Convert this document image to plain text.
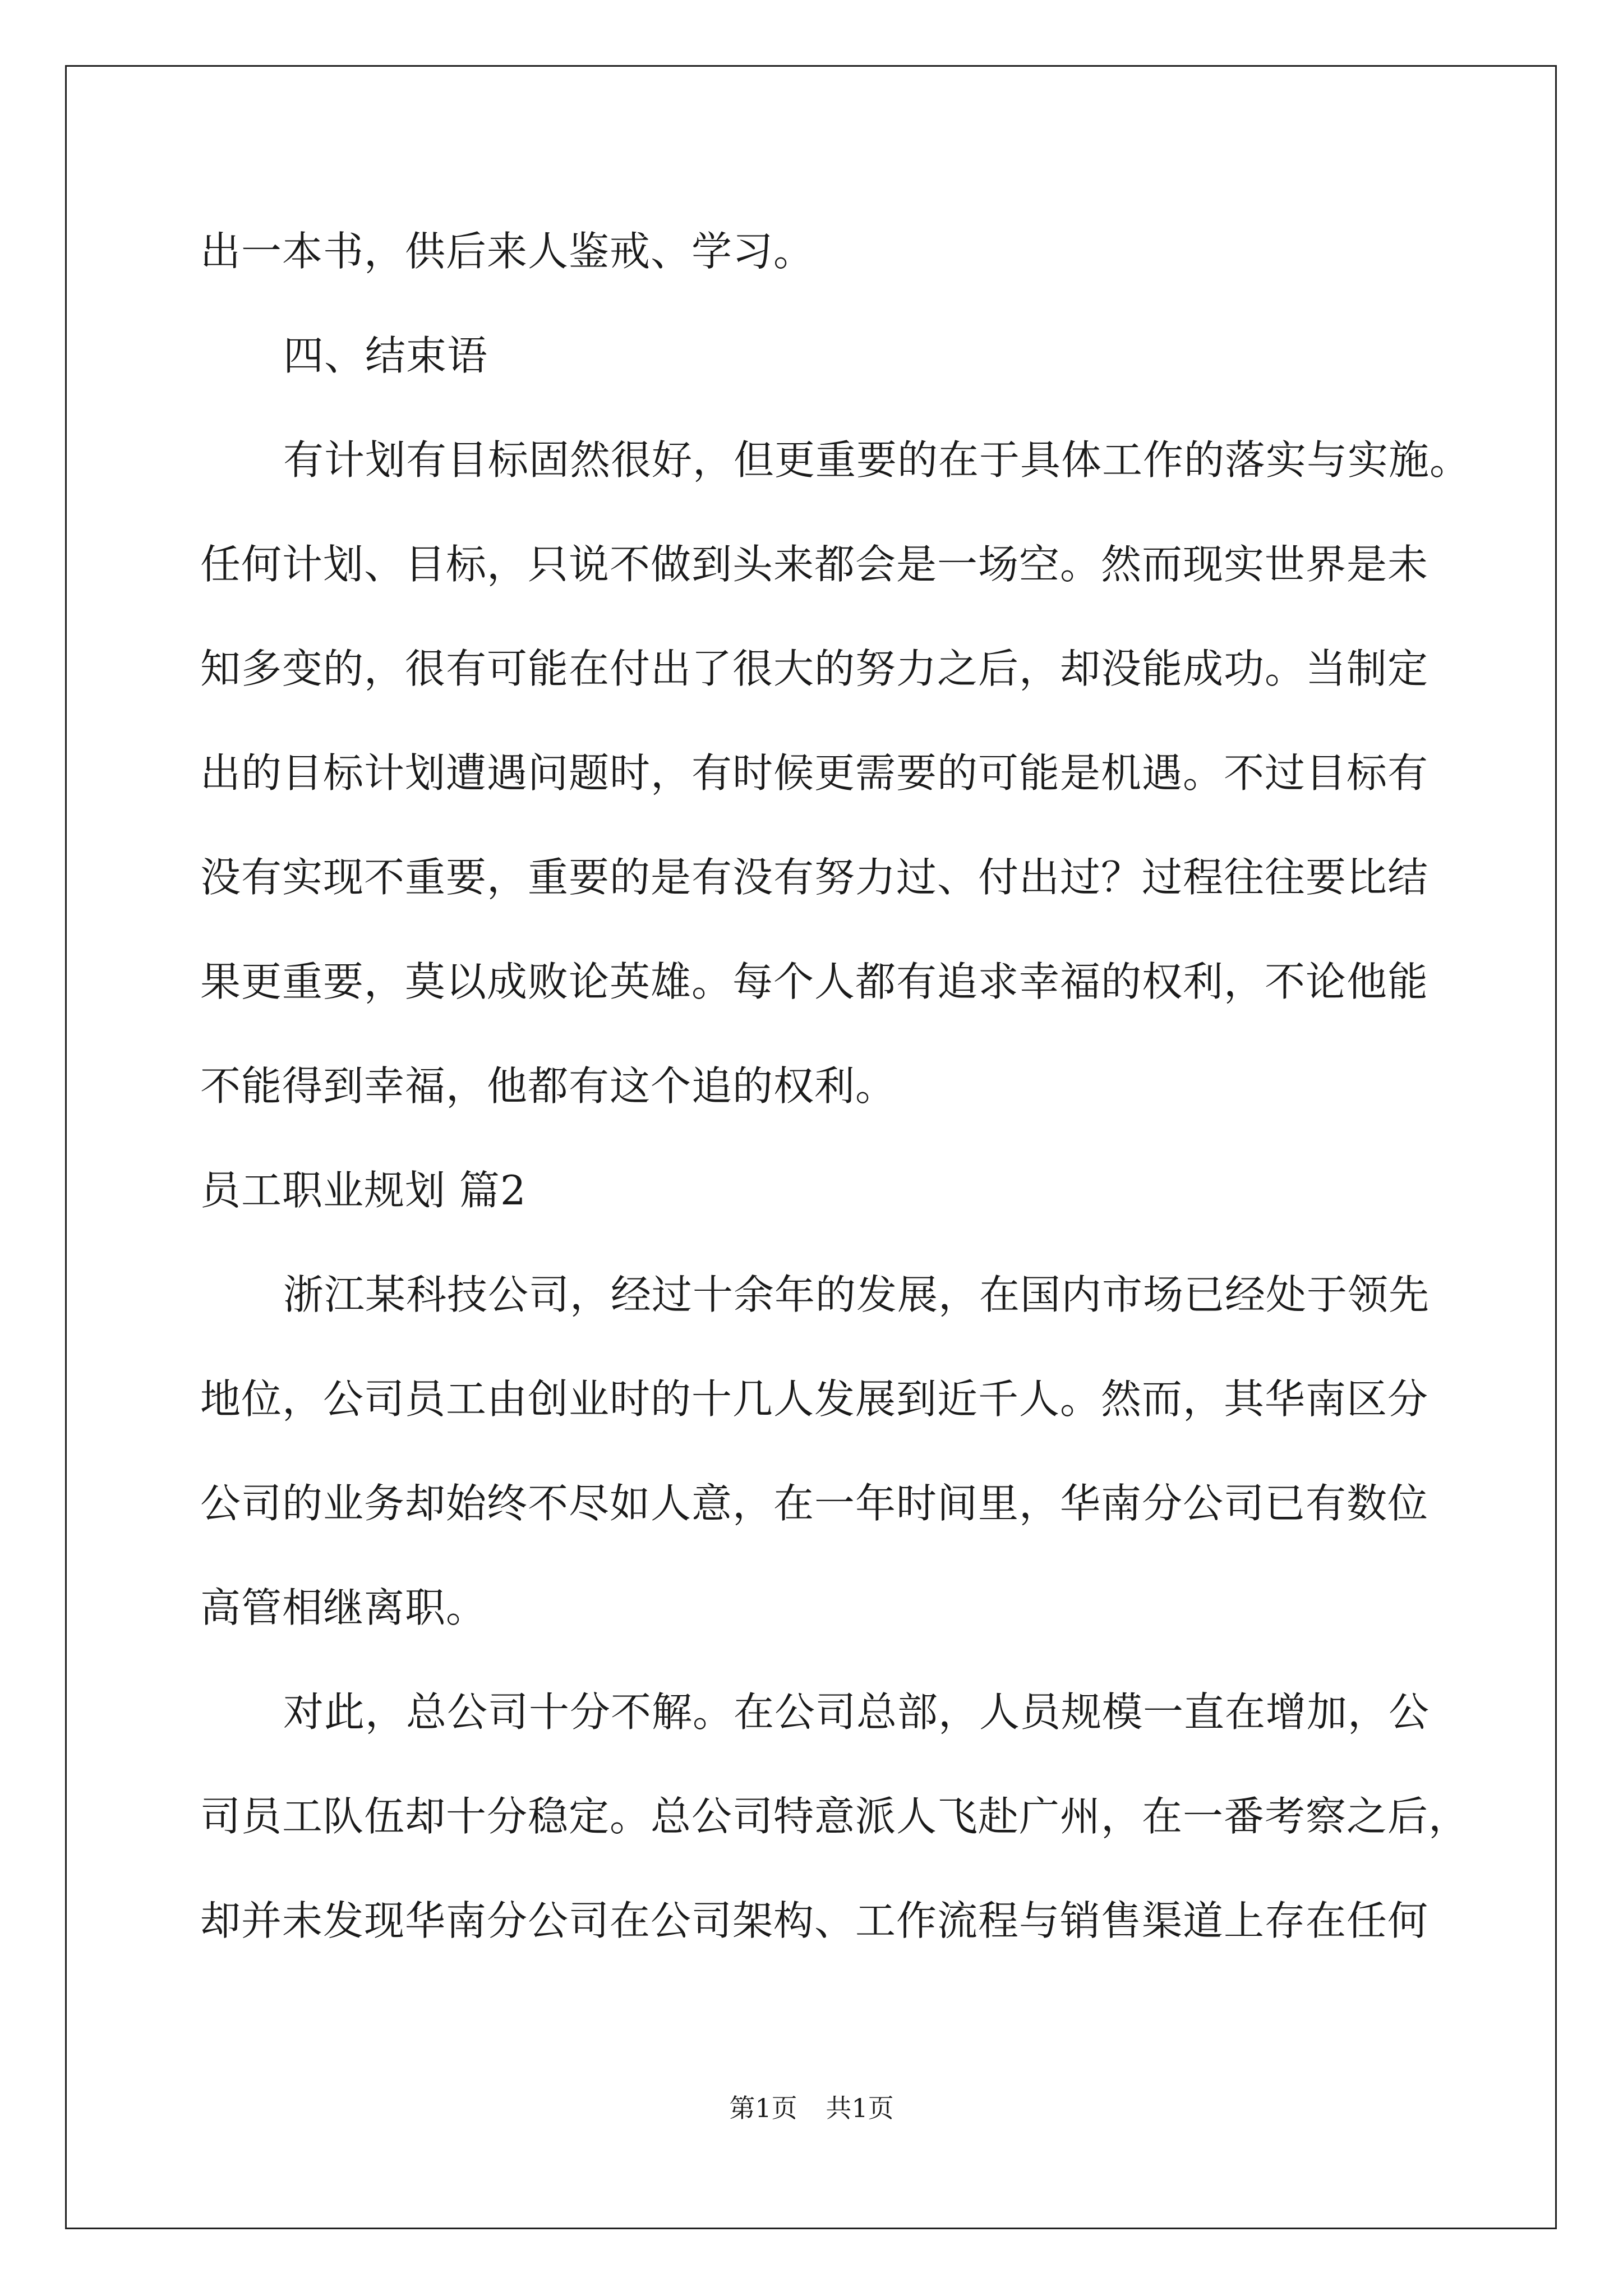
出一本书，供后来人鉴戒、学习。
四、结束语
有计划有目标固然很好，但更重要的在于具体工作的落实与实施。
任何计划、目标，只说不做到头来都会是一场空。然而现实世界是未
知多变的，很有可能在付出了很大的努力之后，却没能成功。当制定
出的目标计划遭遇问题时，有时候更需要的可能是机遇。不过目标有
没有实现不重要，重要的是有没有努力过、付出过？过程往往要比结
果更重要，莫以成败论英雄。每个人都有追求幸福的权利，不论他能
不能得到幸福，他都有这个追的权利。
员工职业规划 篇2
浙江某科技公司，经过十余年的发展，在国内市场已经处于领先
地位，公司员工由创业时的十几人发展到近千人。然而，其华南区分
公司的业务却始终不尽如人意，在一年时间里，华南分公司已有数位
高管相继离职。
对此，总公司十分不解。在公司总部，人员规模一直在增加，公
司员工队伍却十分稳定。总公司特意派人飞赴广州，在一番考察之后，
却并未发现华南分公司在公司架构、工作流程与销售渠道上存在任何
第1页 共1页
